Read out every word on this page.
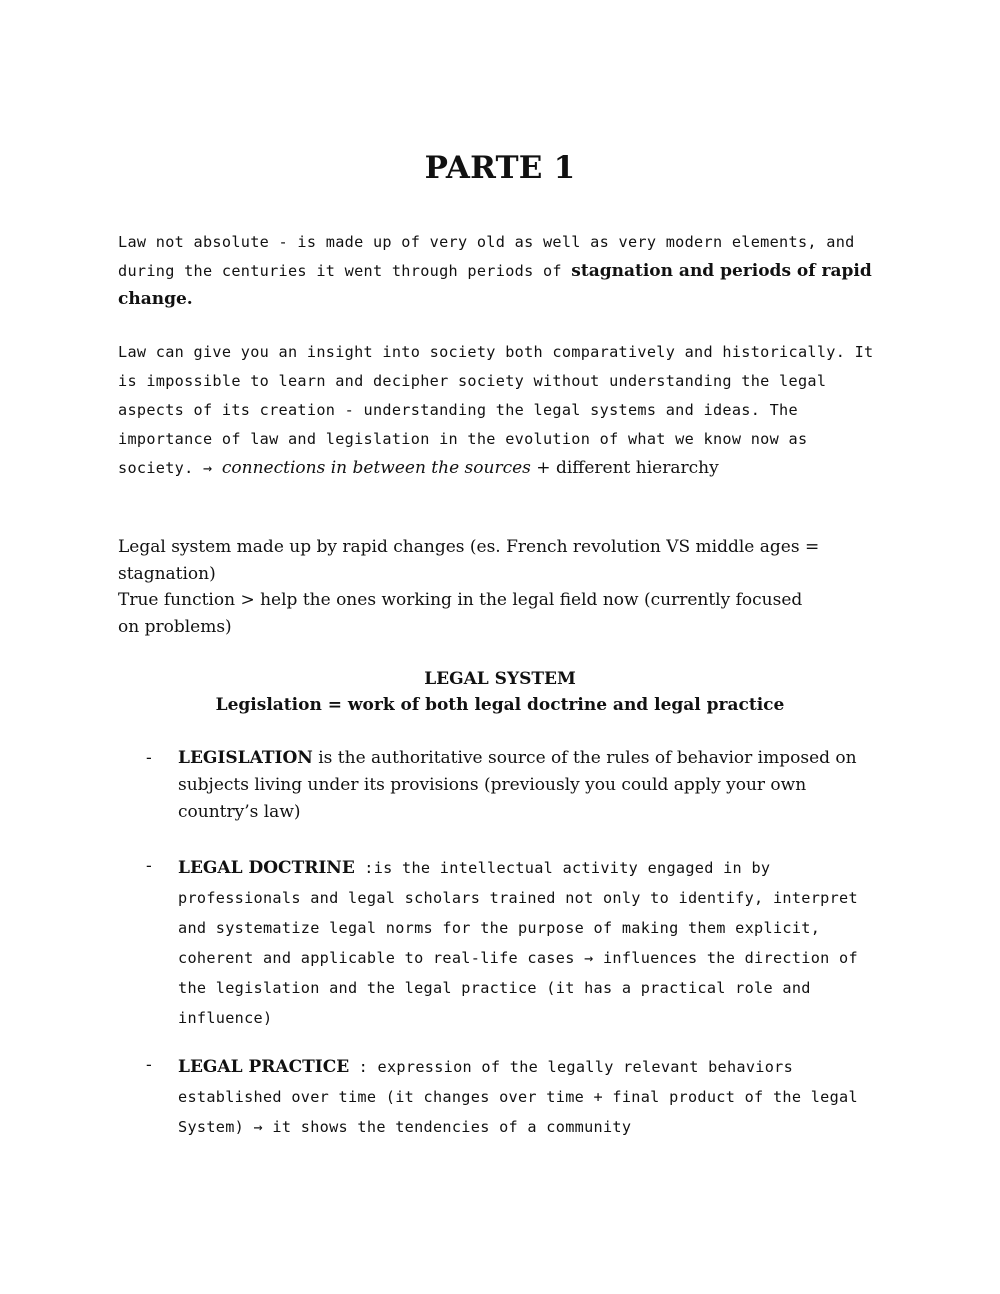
PARTE 1

Law not absolute - is made up of very old as well as very modern elements, and during the centuries it went through periods of stagnation and periods of rapid change.

Law can give you an insight into society both comparatively and historically. It is impossible to learn and decipher society without understanding the legal aspects of its creation - understanding the legal systems and ideas. The importance of law and legislation in the evolution of what we know now as society. → connections in between the sources + different hierarchy

Legal system made up by rapid changes (es. French revolution VS middle ages = stagnation)

True function > help the ones working in the legal field now (currently focused on problems)

LEGAL SYSTEM
Legislation = work of both legal doctrine and legal practice
- LEGISLATION is the authoritative source of the rules of behavior imposed on subjects living under its provisions (previously you could apply your own country’s law)

- LEGAL DOCTRINE :is the intellectual activity engaged in by professionals and legal scholars trained not only to identify, interpret and systematize legal norms for the purpose of making them explicit, coherent and applicable to real-life cases → influences the direction of the legislation and the legal practice (it has a practical role and influence)

- LEGAL PRACTICE : expression of the legally relevant behaviors established over time (it changes over time + final product of the legal System) → it shows the tendencies of a community
